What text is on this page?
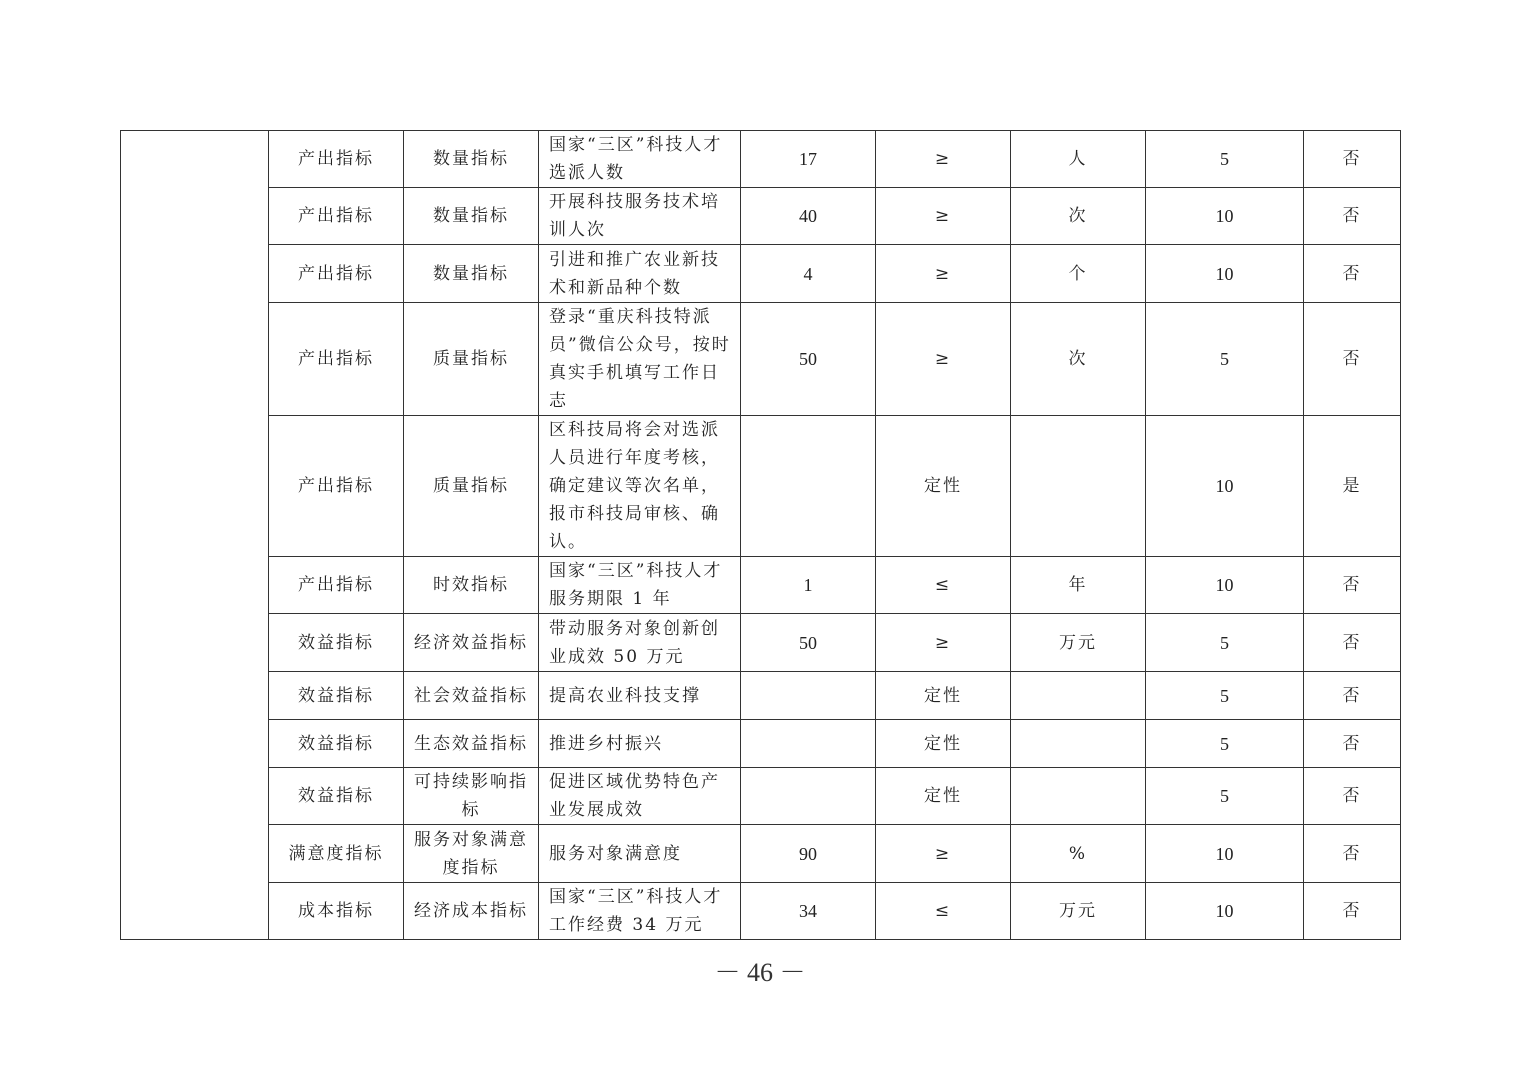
	产出指标	数量指标	国家“三区”科技人才选派人数	17	≥	人	5	否
	产出指标	数量指标	开展科技服务技术培训人次	40	≥	次	10	否
	产出指标	数量指标	引进和推广农业新技术和新品种个数	4	≥	个	10	否
	产出指标	质量指标	登录“重庆科技特派员”微信公众号，按时真实手机填写工作日志	50	≥	次	5	否
	产出指标	质量指标	区科技局将会对选派人员进行年度考核，确定建议等次名单，报市科技局审核、确认。		定性		10	是
	产出指标	时效指标	国家“三区”科技人才服务期限 1 年	1	≤	年	10	否
	效益指标	经济效益指标	带动服务对象创新创业成效 50 万元	50	≥	万元	5	否
	效益指标	社会效益指标	提高农业科技支撑		定性		5	否
	效益指标	生态效益指标	推进乡村振兴		定性		5	否
	效益指标	可持续影响指标	促进区域优势特色产业发展成效		定性		5	否
	满意度指标	服务对象满意度指标	服务对象满意度	90	≥	%	10	否
	成本指标	经济成本指标	国家“三区”科技人才工作经费 34 万元	34	≤	万元	10	否
－ 46 －
